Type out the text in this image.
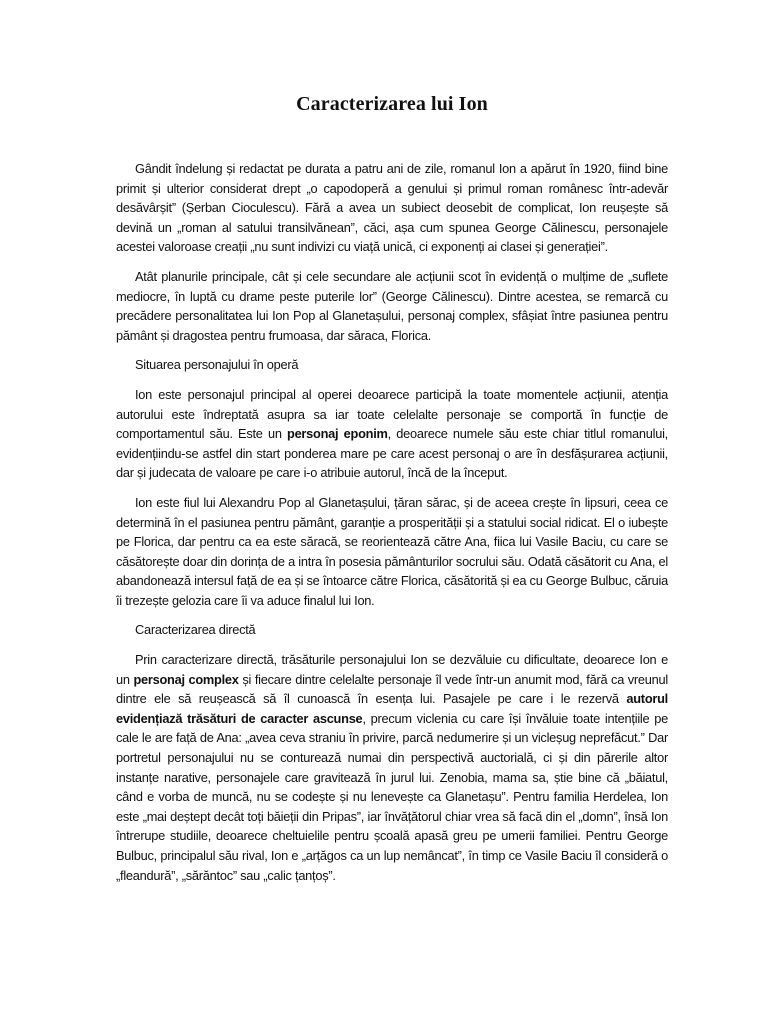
Caracterizarea lui Ion

Gândit îndelung și redactat pe durata a patru ani de zile, romanul Ion a apărut în 1920, fiind bine primit și ulterior considerat drept „o capodoperă a genului și primul roman românesc într-adevăr desăvârșit” (Șerban Cioculescu). Fără a avea un subiect deosebit de complicat, Ion reușește să devină un „roman al satului transilvănean”, căci, așa cum spunea George Călinescu, personajele acestei valoroase creații „nu sunt indivizi cu viață unică, ci exponenți ai clasei și generației”.

Atât planurile principale, cât și cele secundare ale acțiunii scot în evidență o mulțime de „suflete mediocre, în luptă cu drame peste puterile lor” (George Călinescu). Dintre acestea, se remarcă cu precădere personalitatea lui Ion Pop al Glanetașului, personaj complex, sfâșiat între pasiunea pentru pământ și dragostea pentru frumoasa, dar săraca, Florica.

Situarea personajului în operă

Ion este personajul principal al operei deoarece participă la toate momentele acțiunii, atenția autorului este îndreptată asupra sa iar toate celelalte personaje se comportă în funcție de comportamentul său. Este un personaj eponim, deoarece numele său este chiar titlul romanului, evidențiindu-se astfel din start ponderea mare pe care acest personaj o are în desfășurarea acțiunii, dar și judecata de valoare pe care i-o atribuie autorul, încă de la început.

Ion este fiul lui Alexandru Pop al Glanetașului, țăran sărac, și de aceea crește în lipsuri, ceea ce determină în el pasiunea pentru pământ, garanție a prosperității și a statului social ridicat. El o iubește pe Florica, dar pentru ca ea este săracă, se reorientează către Ana, fiica lui Vasile Baciu, cu care se căsătorește doar din dorința de a intra în posesia pământurilor socrului său. Odată căsătorit cu Ana, el abandonează intersul față de ea și se întoarce către Florica, căsătorită și ea cu George Bulbuc, căruia îi trezește gelozia care îi va aduce finalul lui Ion.

Caracterizarea directă

Prin caracterizare directă, trăsăturile personajului Ion se dezvăluie cu dificultate, deoarece Ion e un personaj complex și fiecare dintre celelalte personaje îl vede într-un anumit mod, fără ca vreunul dintre ele să reușească să îl cunoască în esența lui. Pasajele pe care i le rezervă autorul evidențiază trăsături de caracter ascunse, precum viclenia cu care își învăluie toate intențiile pe cale le are față de Ana: „avea ceva straniu în privire, parcă nedumerire și un vicleșug neprefăcut.” Dar portretul personajului nu se conturează numai din perspectivă auctorială, ci și din părerile altor instanțe narative, personajele care gravitează în jurul lui. Zenobia, mama sa, știe bine că „băiatul, când e vorba de muncă, nu se codește și nu lenevește ca Glanetașu”. Pentru familia Herdelea, Ion este „mai deștept decât toți băieții din Pripas”, iar învățătorul chiar vrea să facă din el „domn”, însă Ion întrerupe studiile, deoarece cheltuielile pentru școală apasă greu pe umerii familiei. Pentru George Bulbuc, principalul său rival, Ion e „arțăgos ca un lup nemâncat”, în timp ce Vasile Baciu îl consideră o „fleandură”, „sărăntoc” sau „calic țanțoș”.
